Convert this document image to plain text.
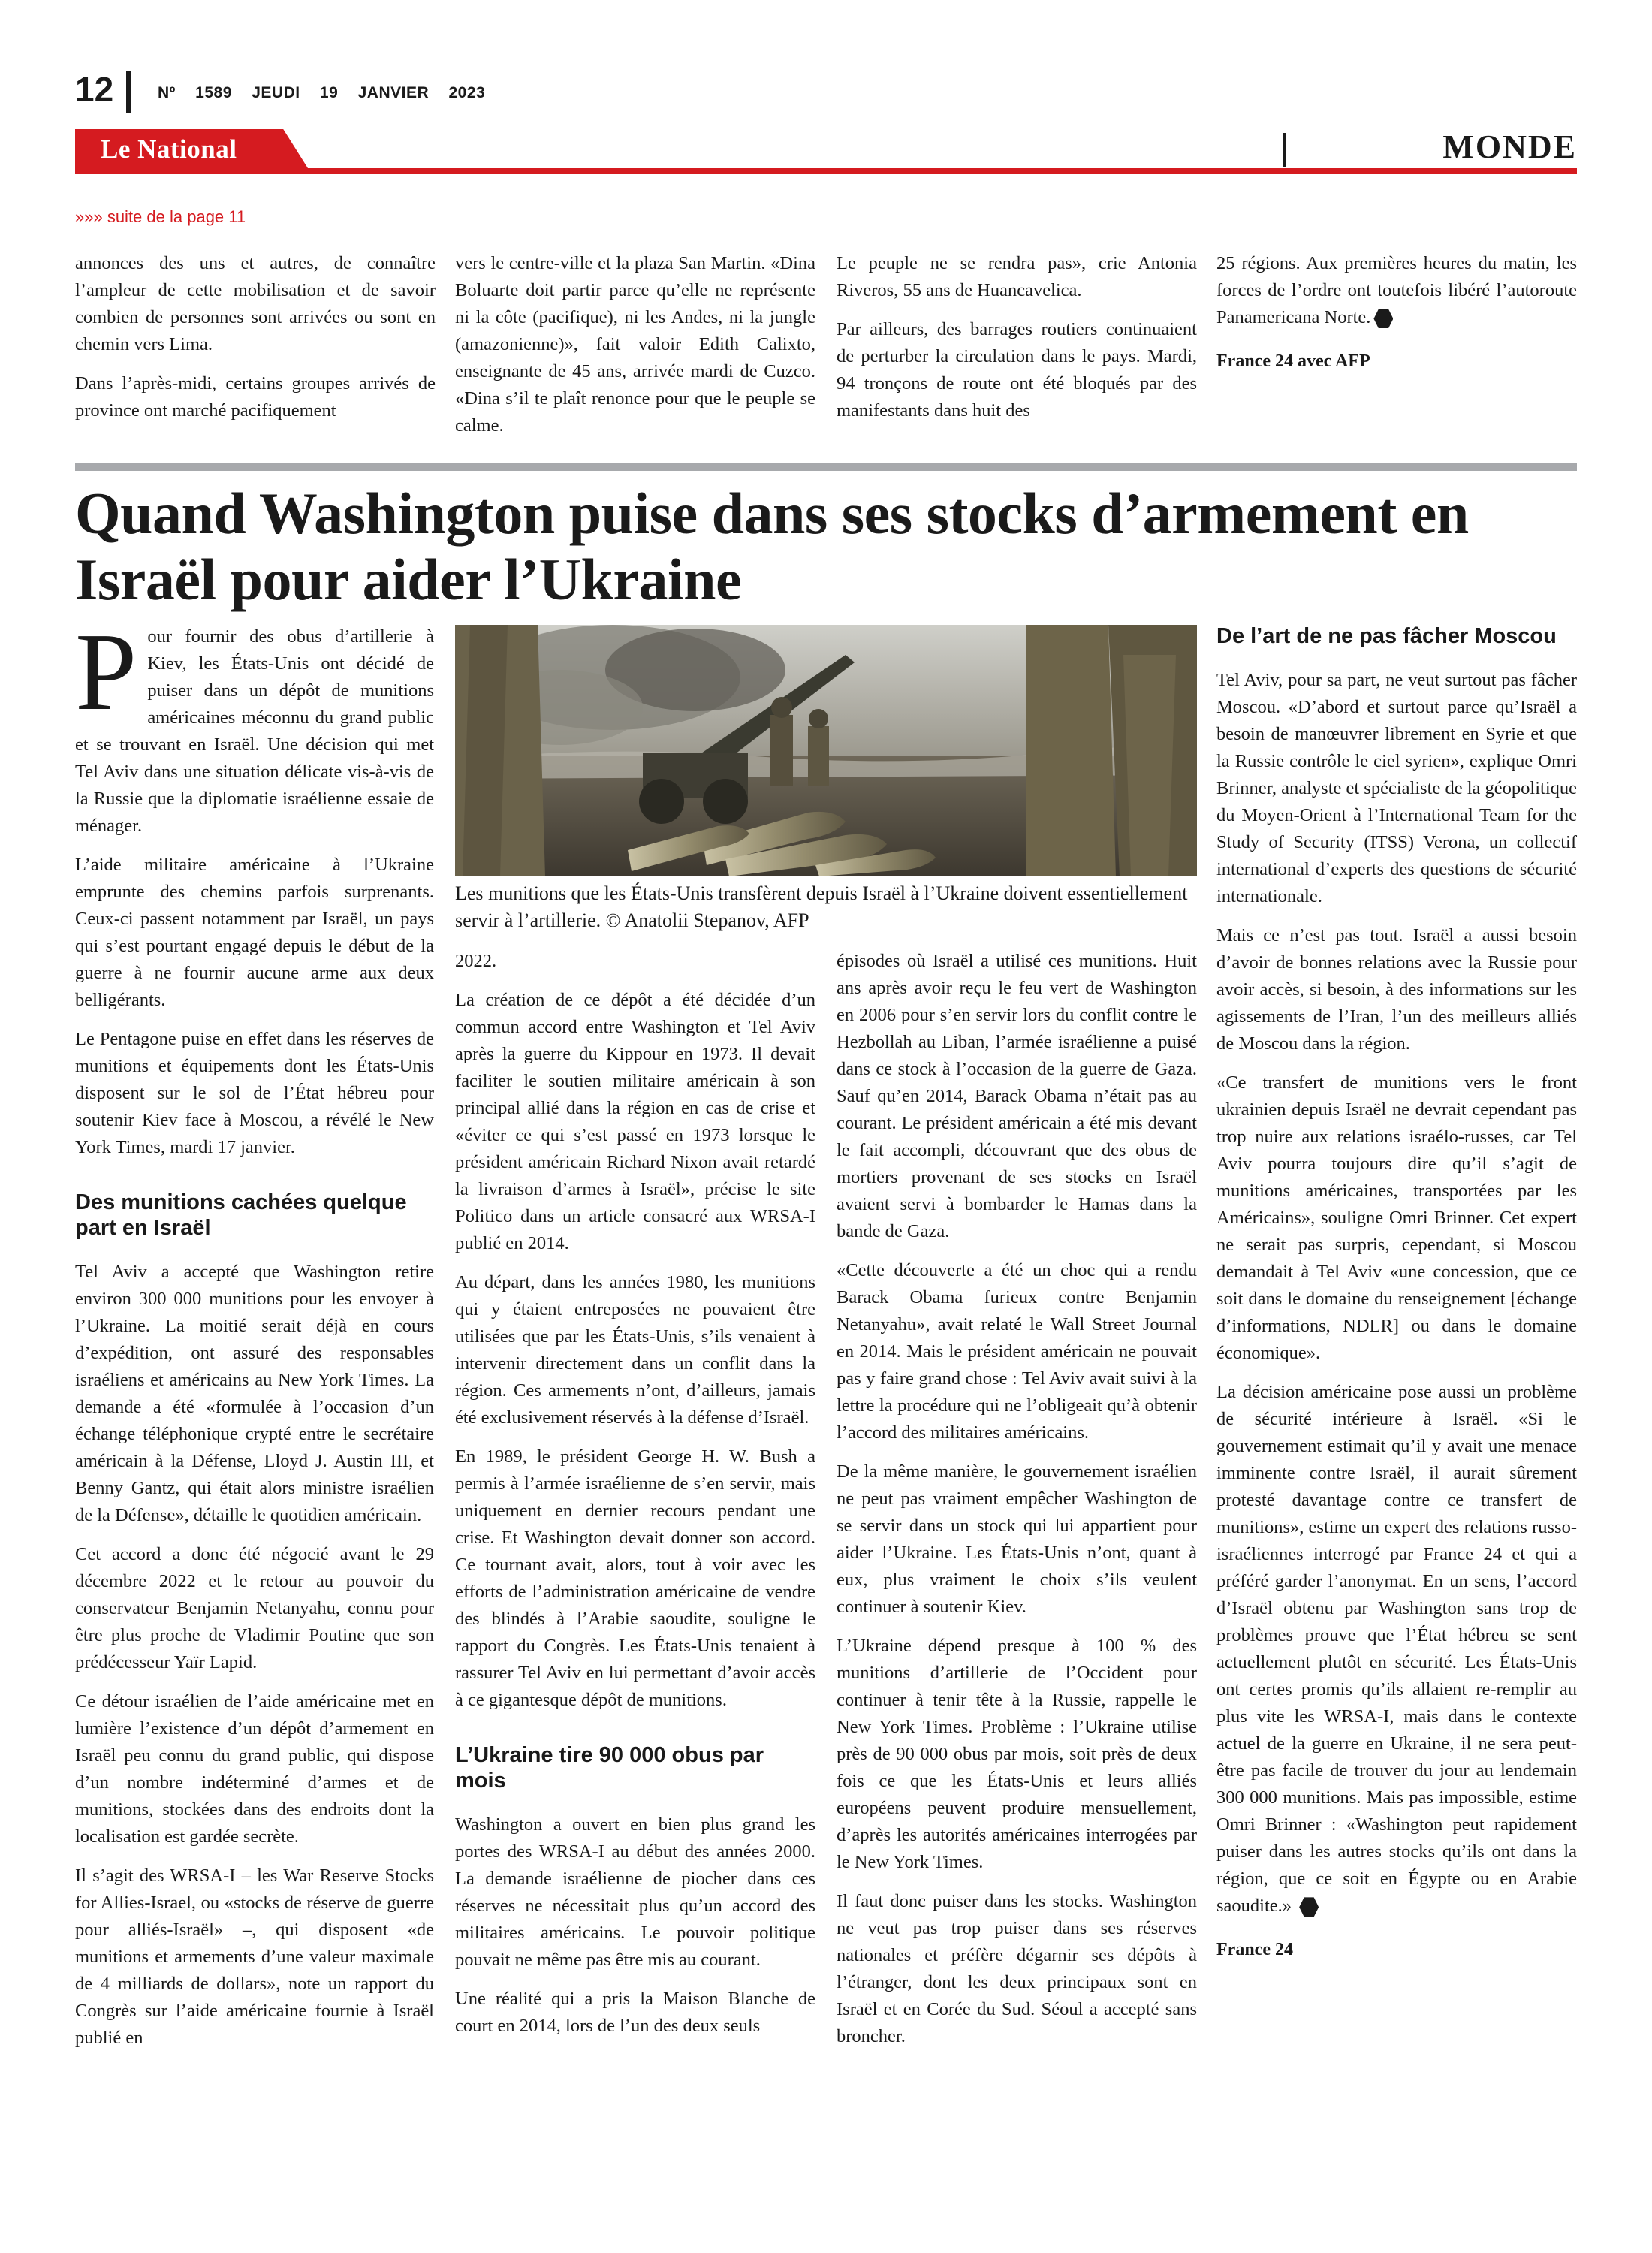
12	Nº 1589 JEUDI 19 JANVIER 2023
Le National	MONDE
»»» suite de la page 11

annonces des uns et autres, de connaître l’ampleur de cette mobilisation et de savoir combien de personnes sont arrivées ou sont en chemin vers Lima.

Dans l’après-midi, certains groupes arrivés de province ont marché pacifiquement

vers le centre-ville et la plaza San Martin. «Dina Boluarte doit partir parce qu’elle ne représente ni la côte (pacifique), ni les Andes, ni la jungle (amazonienne)», fait valoir Edith Calixto, enseignante de 45 ans, arrivée mardi de Cuzco. «Dina s’il te plaît renonce pour que le peuple se calme.

Le peuple ne se rendra pas», crie Antonia Riveros, 55 ans de Huancavelica.

Par ailleurs, des barrages routiers continuaient de perturber la circulation dans le pays. Mardi, 94 tronçons de route ont été bloqués par des manifestants dans huit des

25 régions. Aux premières heures du matin, les forces de l’ordre ont toutefois libéré l’autoroute Panamericana Norte.

France 24 avec AFP
Quand Washington puise dans ses stocks d’armement en Israël pour aider l’Ukraine

Pour fournir des obus d’artillerie à Kiev, les États-Unis ont décidé de puiser dans un dépôt de munitions américaines méconnu du grand public et se trouvant en Israël. Une décision qui met Tel Aviv dans une situation délicate vis-à-vis de la Russie que la diplomatie israélienne essaie de ménager.

L’aide militaire américaine à l’Ukraine emprunte des chemins parfois surprenants. Ceux-ci passent notamment par Israël, un pays qui s’est pourtant engagé depuis le début de la guerre à ne fournir aucune arme aux deux belligérants.

Le Pentagone puise en effet dans les réserves de munitions et équipements dont les États-Unis disposent sur le sol de l’État hébreu pour soutenir Kiev face à Moscou, a révélé le New York Times, mardi 17 janvier.

Des munitions cachées quelque part en Israël

Tel Aviv a accepté que Washington retire environ 300 000 munitions pour les envoyer à l’Ukraine. La moitié serait déjà en cours d’expédition, ont assuré des responsables israéliens et américains au New York Times. La demande a été «formulée à l’occasion d’un échange téléphonique crypté entre le secrétaire américain à la Défense, Lloyd J. Austin III, et Benny Gantz, qui était alors ministre israélien de la Défense», détaille le quotidien américain.

Cet accord a donc été négocié avant le 29 décembre 2022 et le retour au pouvoir du conservateur Benjamin Netanyahu, connu pour être plus proche de Vladimir Poutine que son prédécesseur Yaïr Lapid.

Ce détour israélien de l’aide américaine met en lumière l’existence d’un dépôt d’armement en Israël peu connu du grand public, qui dispose d’un nombre indéterminé d’armes et de munitions, stockées dans des endroits dont la localisation est gardée secrète.

Il s’agit des WRSA-I – les War Reserve Stocks for Allies-Israel, ou «stocks de réserve de guerre pour alliés-Israël» –, qui disposent «de munitions et armements d’une valeur maximale de 4 milliards de dollars», note un rapport du Congrès sur l’aide américaine fournie à Israël publié en

Les munitions que les États-Unis transfèrent depuis Israël à l’Ukraine doivent essentiellement servir à l’artillerie. © Anatolii Stepanov, AFP

2022.

La création de ce dépôt a été décidée d’un commun accord entre Washington et Tel Aviv après la guerre du Kippour en 1973. Il devait faciliter le soutien militaire américain à son principal allié dans la région en cas de crise et «éviter ce qui s’est passé en 1973 lorsque le président américain Richard Nixon avait retardé la livraison d’armes à Israël», précise le site Politico dans un article consacré aux WRSA-I publié en 2014.

Au départ, dans les années 1980, les munitions qui y étaient entreposées ne pouvaient être utilisées que par les États-Unis, s’ils venaient à intervenir directement dans un conflit dans la région. Ces armements n’ont, d’ailleurs, jamais été exclusivement réservés à la défense d’Israël.

En 1989, le président George H. W. Bush a permis à l’armée israélienne de s’en servir, mais uniquement en dernier recours pendant une crise. Et Washington devait donner son accord. Ce tournant avait, alors, tout à voir avec les efforts de l’administration américaine de vendre des blindés à l’Arabie saoudite, souligne le rapport du Congrès. Les États-Unis tenaient à rassurer Tel Aviv en lui permettant d’avoir accès à ce gigantesque dépôt de munitions.

L’Ukraine tire 90 000 obus par mois

Washington a ouvert en bien plus grand les portes des WRSA-I au début des années 2000. La demande israélienne de piocher dans ces réserves ne nécessitait plus qu’un accord des militaires américains. Le pouvoir politique pouvait ne même pas être mis au courant.

Une réalité qui a pris la Maison Blanche de court en 2014, lors de l’un des deux seuls

épisodes où Israël a utilisé ces munitions. Huit ans après avoir reçu le feu vert de Washington en 2006 pour s’en servir lors du conflit contre le Hezbollah au Liban, l’armée israélienne a puisé dans ce stock à l’occasion de la guerre de Gaza. Sauf qu’en 2014, Barack Obama n’était pas au courant. Le président américain a été mis devant le fait accompli, découvrant que des obus de mortiers provenant de ses stocks en Israël avaient servi à bombarder le Hamas dans la bande de Gaza.

«Cette découverte a été un choc qui a rendu Barack Obama furieux contre Benjamin Netanyahu», avait relaté le Wall Street Journal en 2014. Mais le président américain ne pouvait pas y faire grand chose : Tel Aviv avait suivi à la lettre la procédure qui ne l’obligeait qu’à obtenir l’accord des militaires américains.

De la même manière, le gouvernement israélien ne peut pas vraiment empêcher Washington de se servir dans un stock qui lui appartient pour aider l’Ukraine. Les États-Unis n’ont, quant à eux, plus vraiment le choix s’ils veulent continuer à soutenir Kiev.

L’Ukraine dépend presque à 100 % des munitions d’artillerie de l’Occident pour continuer à tenir tête à la Russie, rappelle le New York Times. Problème : l’Ukraine utilise près de 90 000 obus par mois, soit près de deux fois ce que les États-Unis et leurs alliés européens peuvent produire mensuellement, d’après les autorités américaines interrogées par le New York Times.

Il faut donc puiser dans les stocks. Washington ne veut pas trop puiser dans ses réserves nationales et préfère dégarnir ses dépôts à l’étranger, dont les deux principaux sont en Israël et en Corée du Sud. Séoul a accepté sans broncher.

De l’art de ne pas fâcher Moscou

Tel Aviv, pour sa part, ne veut surtout pas fâcher Moscou. «D’abord et surtout parce qu’Israël a besoin de manœuvrer librement en Syrie et que la Russie contrôle le ciel syrien», explique Omri Brinner, analyste et spécialiste de la géopolitique du Moyen-Orient à l’International Team for the Study of Security (ITSS) Verona, un collectif international d’experts des questions de sécurité internationale.

Mais ce n’est pas tout. Israël a aussi besoin d’avoir de bonnes relations avec la Russie pour avoir accès, si besoin, à des informations sur les agissements de l’Iran, l’un des meilleurs alliés de Moscou dans la région.

«Ce transfert de munitions vers le front ukrainien depuis Israël ne devrait cependant pas trop nuire aux relations israélo-russes, car Tel Aviv pourra toujours dire qu’il s’agit de munitions américaines, transportées par les Américains», souligne Omri Brinner. Cet expert ne serait pas surpris, cependant, si Moscou demandait à Tel Aviv «une concession, que ce soit dans le domaine du renseignement [échange d’informations, NDLR] ou dans le domaine économique».

La décision américaine pose aussi un problème de sécurité intérieure à Israël. «Si le gouvernement estimait qu’il y avait une menace imminente contre Israël, il aurait sûrement protesté davantage contre ce transfert de munitions», estime un expert des relations russo-israéliennes interrogé par France 24 et qui a préféré garder l’anonymat. En un sens, l’accord d’Israël obtenu par Washington sans trop de problèmes prouve que l’État hébreu se sent actuellement plutôt en sécurité. Les États-Unis ont certes promis qu’ils allaient re-remplir au plus vite les WRSA-I, mais dans le contexte actuel de la guerre en Ukraine, il ne sera peut-être pas facile de trouver du jour au lendemain 300 000 munitions. Mais pas impossible, estime Omri Brinner : «Washington peut rapidement puiser dans les autres stocks qu’ils ont dans la région, que ce soit en Égypte ou en Arabie saoudite.»

France 24
